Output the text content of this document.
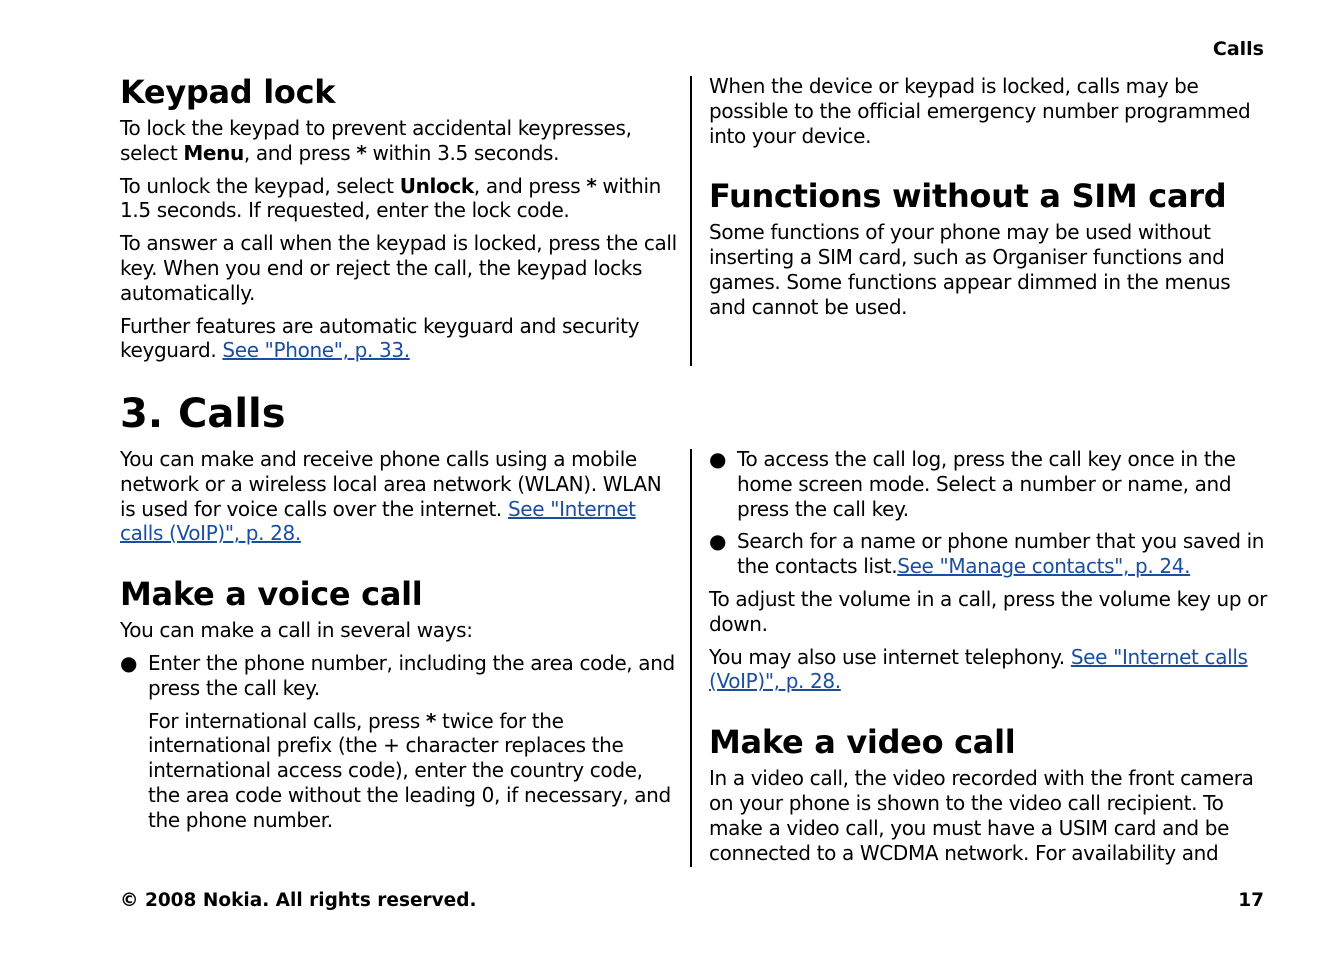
Calls
Keypad lock

To lock the keypad to prevent accidental keypresses, select Menu, and press * within 3.5 seconds.

To unlock the keypad, select Unlock, and press * within 1.5 seconds. If requested, enter the lock code.

To answer a call when the keypad is locked, press the call key. When you end or reject the call, the keypad locks automatically.

Further features are automatic keyguard and security keyguard. See "Phone", p. 33.

When the device or keypad is locked, calls may be possible to the official emergency number programmed into your device.

Functions without a SIM card

Some functions of your phone may be used without inserting a SIM card, such as Organiser functions and games. Some functions appear dimmed in the menus and cannot be used.

3. Calls

You can make and receive phone calls using a mobile network or a wireless local area network (WLAN). WLAN is used for voice calls over the internet. See "Internet calls (VoIP)", p. 28.

Make a voice call

You can make a call in several ways:

● Enter the phone number, including the area code, and press the call key.

For international calls, press * twice for the international prefix (the + character replaces the international access code), enter the country code, the area code without the leading 0, if necessary, and the phone number.

● To access the call log, press the call key once in the home screen mode. Select a number or name, and press the call key.
● Search for a name or phone number that you saved in the contacts list.See "Manage contacts", p. 24.

To adjust the volume in a call, press the volume key up or down.

You may also use internet telephony. See "Internet calls (VoIP)", p. 28.

Make a video call

In a video call, the video recorded with the front camera on your phone is shown to the video call recipient. To make a video call, you must have a USIM card and be connected to a WCDMA network. For availability and

© 2008 Nokia. All rights reserved.	17
